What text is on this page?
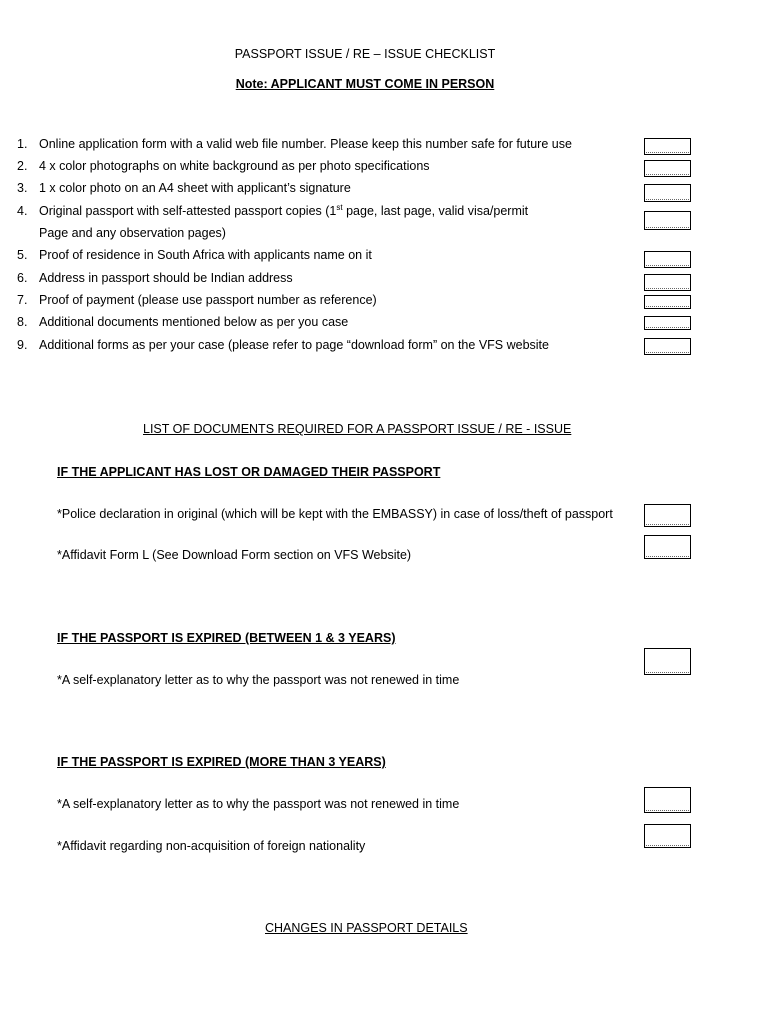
PASSPORT ISSUE / RE – ISSUE CHECKLIST
Note: APPLICANT MUST COME IN PERSON
1. Online application form with a valid web file number. Please keep this number safe for future use
2. 4 x color photographs on white background as per photo specifications
3. 1 x color photo on an A4 sheet with applicant’s signature
4. Original passport with self-attested passport copies (1st page, last page, valid visa/permit
Page and any observation pages)
5. Proof of residence in South Africa with applicants name on it
6. Address in passport should be Indian address
7. Proof of payment (please use passport number as reference)
8. Additional documents mentioned below as per you case
9. Additional forms as per your case (please refer to page “download form” on the VFS website
LIST OF DOCUMENTS REQUIRED FOR A PASSPORT ISSUE / RE - ISSUE
IF THE APPLICANT HAS LOST OR DAMAGED THEIR PASSPORT
*Police declaration in original (which will be kept with the EMBASSY) in case of loss/theft of passport
*Affidavit Form L (See Download Form section on VFS Website)
IF THE PASSPORT IS EXPIRED (BETWEEN 1 & 3 YEARS)
*A self-explanatory letter as to why the passport was not renewed in time
IF THE PASSPORT IS EXPIRED (MORE THAN 3 YEARS)
*A self-explanatory letter as to why the passport was not renewed in time
*Affidavit regarding non-acquisition of foreign nationality
CHANGES IN PASSPORT DETAILS
